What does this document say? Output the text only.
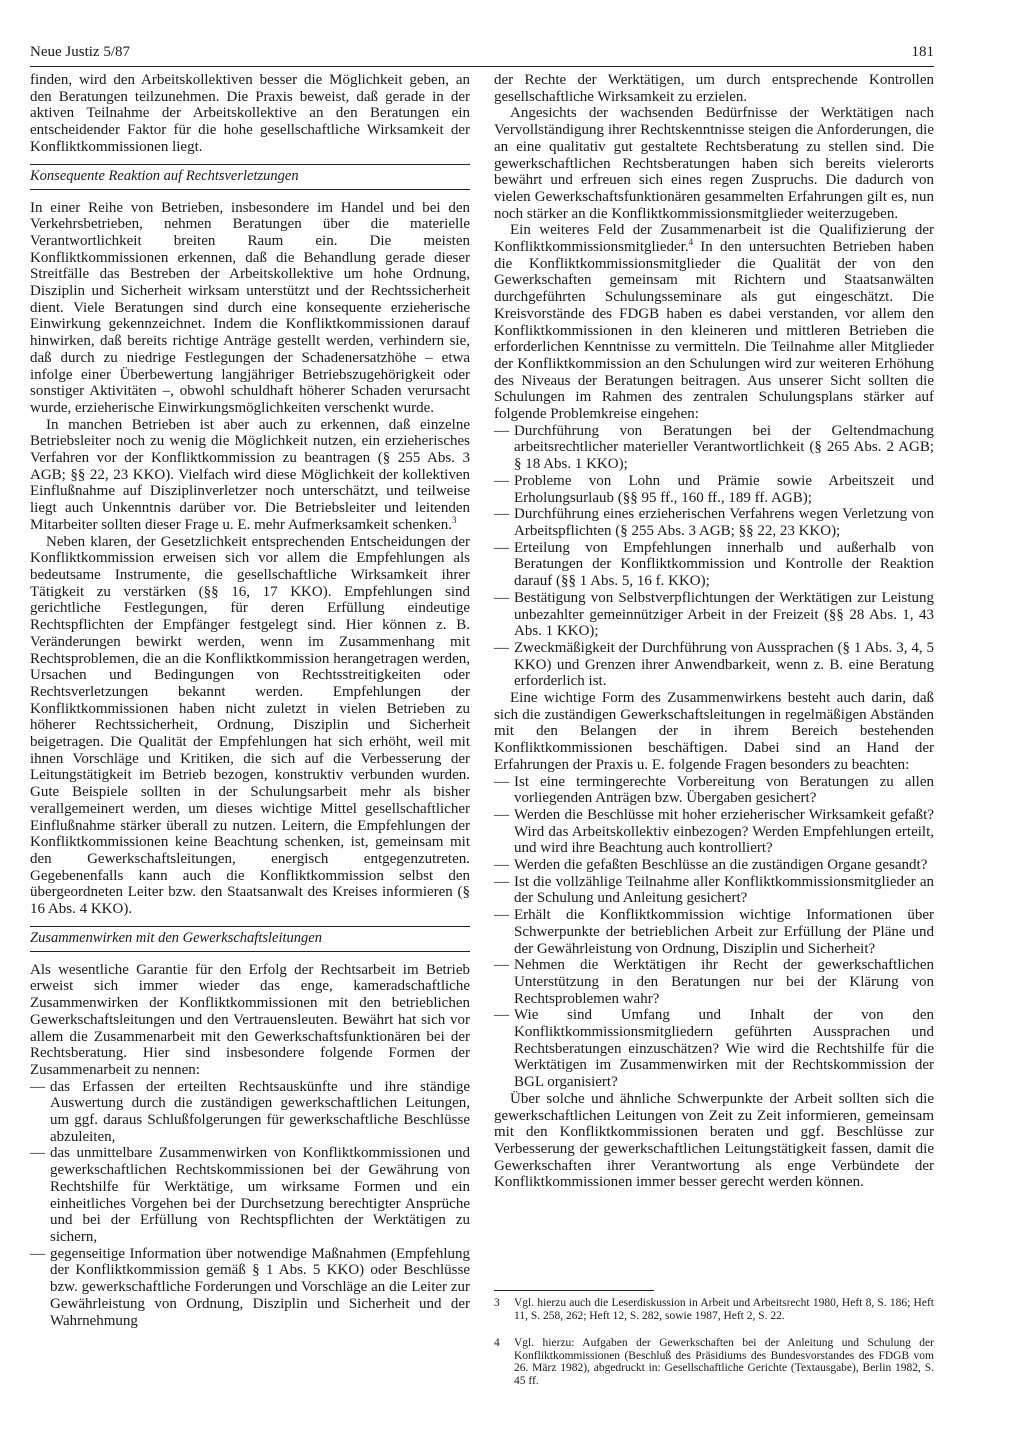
Neue Justiz 5/87	181

finden, wird den Arbeitskollektiven besser die Möglichkeit geben, an den Beratungen teilzunehmen. Die Praxis beweist, daß gerade in der aktiven Teilnahme der Arbeitskollektive an den Beratungen ein entscheidender Faktor für die hohe gesellschaftliche Wirksamkeit der Konfliktkommissionen liegt.

Konsequente Reaktion auf Rechtsverletzungen

In einer Reihe von Betrieben, insbesondere im Handel und bei den Verkehrsbetrieben, nehmen Beratungen über die materielle Verantwortlichkeit breiten Raum ein. Die meisten Konfliktkommissionen erkennen, daß die Behandlung gerade dieser Streitfälle das Bestreben der Arbeitskollektive um hohe Ordnung, Disziplin und Sicherheit wirksam unterstützt und der Rechtssicherheit dient. Viele Beratungen sind durch eine konsequente erzieherische Einwirkung gekennzeichnet. Indem die Konfliktkommissionen darauf hinwirken, daß bereits richtige Anträge gestellt werden, verhindern sie, daß durch zu niedrige Festlegungen der Schadenersatzhöhe – etwa infolge einer Überbewertung langjähriger Betriebszugehörigkeit oder sonstiger Aktivitäten –, obwohl schuldhaft höherer Schaden verursacht wurde, erzieherische Einwirkungsmöglichkeiten verschenkt wurde.

In manchen Betrieben ist aber auch zu erkennen, daß einzelne Betriebsleiter noch zu wenig die Möglichkeit nutzen, ein erzieherisches Verfahren vor der Konfliktkommission zu beantragen (§ 255 Abs. 3 AGB; §§ 22, 23 KKO). Vielfach wird diese Möglichkeit der kollektiven Einflußnahme auf Disziplinverletzer noch unterschätzt, und teilweise liegt auch Unkenntnis darüber vor. Die Betriebsleiter und leitenden Mitarbeiter sollten dieser Frage u. E. mehr Aufmerksamkeit schenken.$^3$

Neben klaren, der Gesetzlichkeit entsprechenden Entscheidungen der Konfliktkommission erweisen sich vor allem die Empfehlungen als bedeutsame Instrumente, die gesellschaftliche Wirksamkeit ihrer Tätigkeit zu verstärken (§§ 16, 17 KKO). Empfehlungen sind gerichtliche Festlegungen, für deren Erfüllung eindeutige Rechtspflichten der Empfänger festgelegt sind. Hier können z. B. Veränderungen bewirkt werden, wenn im Zusammenhang mit Rechtsproblemen, die an die Konfliktkommission herangetragen werden, Ursachen und Bedingungen von Rechtsstreitigkeiten oder Rechtsverletzungen bekannt werden. Empfehlungen der Konfliktkommissionen haben nicht zuletzt in vielen Betrieben zu höherer Rechtssicherheit, Ordnung, Disziplin und Sicherheit beigetragen. Die Qualität der Empfehlungen hat sich erhöht, weil mit ihnen Vorschläge und Kritiken, die sich auf die Verbesserung der Leitungstätigkeit im Betrieb bezogen, konstruktiv verbunden wurden. Gute Beispiele sollten in der Schulungsarbeit mehr als bisher verallgemeinert werden, um dieses wichtige Mittel gesellschaftlicher Einflußnahme stärker überall zu nutzen. Leitern, die Empfehlungen der Konfliktkommissionen keine Beachtung schenken, ist, gemeinsam mit den Gewerkschaftsleitungen, energisch entgegenzutreten. Gegebenenfalls kann auch die Konfliktkommission selbst den übergeordneten Leiter bzw. den Staatsanwalt des Kreises informieren (§ 16 Abs. 4 KKO).

Zusammenwirken mit den Gewerkschaftsleitungen

Als wesentliche Garantie für den Erfolg der Rechtsarbeit im Betrieb erweist sich immer wieder das enge, kameradschaftliche Zusammenwirken der Konfliktkommissionen mit den betrieblichen Gewerkschaftsleitungen und den Vertrauensleuten. Bewährt hat sich vor allem die Zusammenarbeit mit den Gewerkschaftsfunktionären bei der Rechtsberatung. Hier sind insbesondere folgende Formen der Zusammenarbeit zu nennen:

— das Erfassen der erteilten Rechtsauskünfte und ihre ständige Auswertung durch die zuständigen gewerkschaftlichen Leitungen, um ggf. daraus Schlußfolgerungen für gewerkschaftliche Beschlüsse abzuleiten,
— das unmittelbare Zusammenwirken von Konfliktkommissionen und gewerkschaftlichen Rechtskommissionen bei der Gewährung von Rechtshilfe für Werktätige, um wirksame Formen und ein einheitliches Vorgehen bei der Durchsetzung berechtigter Ansprüche und bei der Erfüllung von Rechtspflichten der Werktätigen zu sichern,
— gegenseitige Information über notwendige Maßnahmen (Empfehlung der Konfliktkommission gemäß § 1 Abs. 5 KKO) oder Beschlüsse bzw. gewerkschaftliche Forderungen und Vorschläge an die Leiter zur Gewährleistung von Ordnung, Disziplin und Sicherheit und der Wahrnehmung

der Rechte der Werktätigen, um durch entsprechende Kontrollen gesellschaftliche Wirksamkeit zu erzielen.

Angesichts der wachsenden Bedürfnisse der Werktätigen nach Vervollständigung ihrer Rechtskenntnisse steigen die Anforderungen, die an eine qualitativ gut gestaltete Rechtsberatung zu stellen sind. Die gewerkschaftlichen Rechtsberatungen haben sich bereits vielerorts bewährt und erfreuen sich eines regen Zuspruchs. Die dadurch von vielen Gewerkschaftsfunktionären gesammelten Erfahrungen gilt es, nun noch stärker an die Konfliktkommissionsmitglieder weiterzugeben.

Ein weiteres Feld der Zusammenarbeit ist die Qualifizierung der Konfliktkommissionsmitglieder.$^4$ In den untersuchten Betrieben haben die Konfliktkommissionsmitglieder die Qualität der von den Gewerkschaften gemeinsam mit Richtern und Staatsanwälten durchgeführten Schulungsseminare als gut eingeschätzt. Die Kreisvorstände des FDGB haben es dabei verstanden, vor allem den Konfliktkommissionen in den kleineren und mittleren Betrieben die erforderlichen Kenntnisse zu vermitteln. Die Teilnahme aller Mitglieder der Konfliktkommission an den Schulungen wird zur weiteren Erhöhung des Niveaus der Beratungen beitragen. Aus unserer Sicht sollten die Schulungen im Rahmen des zentralen Schulungsplans stärker auf folgende Problemkreise eingehen:

— Durchführung von Beratungen bei der Geltendmachung arbeitsrechtlicher materieller Verantwortlichkeit (§ 265 Abs. 2 AGB; § 18 Abs. 1 KKO);
— Probleme von Lohn und Prämie sowie Arbeitszeit und Erholungsurlaub (§§ 95 ff., 160 ff., 189 ff. AGB);
— Durchführung eines erzieherischen Verfahrens wegen Verletzung von Arbeitspflichten (§ 255 Abs. 3 AGB; §§ 22, 23 KKO);
— Erteilung von Empfehlungen innerhalb und außerhalb von Beratungen der Konfliktkommission und Kontrolle der Reaktion darauf (§§ 1 Abs. 5, 16 f. KKO);
— Bestätigung von Selbstverpflichtungen der Werktätigen zur Leistung unbezahlter gemeinnütziger Arbeit in der Freizeit (§§ 28 Abs. 1, 43 Abs. 1 KKO);
— Zweckmäßigkeit der Durchführung von Aussprachen (§ 1 Abs. 3, 4, 5 KKO) und Grenzen ihrer Anwendbarkeit, wenn z. B. eine Beratung erforderlich ist.

Eine wichtige Form des Zusammenwirkens besteht auch darin, daß sich die zuständigen Gewerkschaftsleitungen in regelmäßigen Abständen mit den Belangen der in ihrem Bereich bestehenden Konfliktkommissionen beschäftigen. Dabei sind an Hand der Erfahrungen der Praxis u. E. folgende Fragen besonders zu beachten:

— Ist eine termingerechte Vorbereitung von Beratungen zu allen vorliegenden Anträgen bzw. Übergaben gesichert?
— Werden die Beschlüsse mit hoher erzieherischer Wirksamkeit gefaßt? Wird das Arbeitskollektiv einbezogen? Werden Empfehlungen erteilt, und wird ihre Beachtung auch kontrolliert?
— Werden die gefaßten Beschlüsse an die zuständigen Organe gesandt?
— Ist die vollzählige Teilnahme aller Konfliktkommissionsmitglieder an der Schulung und Anleitung gesichert?
— Erhält die Konfliktkommission wichtige Informationen über Schwerpunkte der betrieblichen Arbeit zur Erfüllung der Pläne und der Gewährleistung von Ordnung, Disziplin und Sicherheit?
— Nehmen die Werktätigen ihr Recht der gewerkschaftlichen Unterstützung in den Beratungen nur bei der Klärung von Rechtsproblemen wahr?
— Wie sind Umfang und Inhalt der von den Konfliktkommissionsmitgliedern geführten Aussprachen und Rechtsberatungen einzuschätzen? Wie wird die Rechtshilfe für die Werktätigen im Zusammenwirken mit der Rechtskommission der BGL organisiert?

Über solche und ähnliche Schwerpunkte der Arbeit sollten sich die gewerkschaftlichen Leitungen von Zeit zu Zeit informieren, gemeinsam mit den Konfliktkommissionen beraten und ggf. Beschlüsse zur Verbesserung der gewerkschaftlichen Leitungstätigkeit fassen, damit die Gewerkschaften ihrer Verantwortung als enge Verbündete der Konfliktkommissionen immer besser gerecht werden können.

3	Vgl. hierzu auch die Leserdiskussion in Arbeit und Arbeitsrecht 1980, Heft 8, S. 186; Heft 11, S. 258, 262; Heft 12, S. 282, sowie 1987, Heft 2, S. 22.
4	Vgl. hierzu: Aufgaben der Gewerkschaften bei der Anleitung und Schulung der Konfliktkommissionen (Beschluß des Präsidiums des Bundesvorstandes des FDGB vom 26. März 1982), abgedruckt in: Gesellschaftliche Gerichte (Textausgabe), Berlin 1982, S. 45 ff.
